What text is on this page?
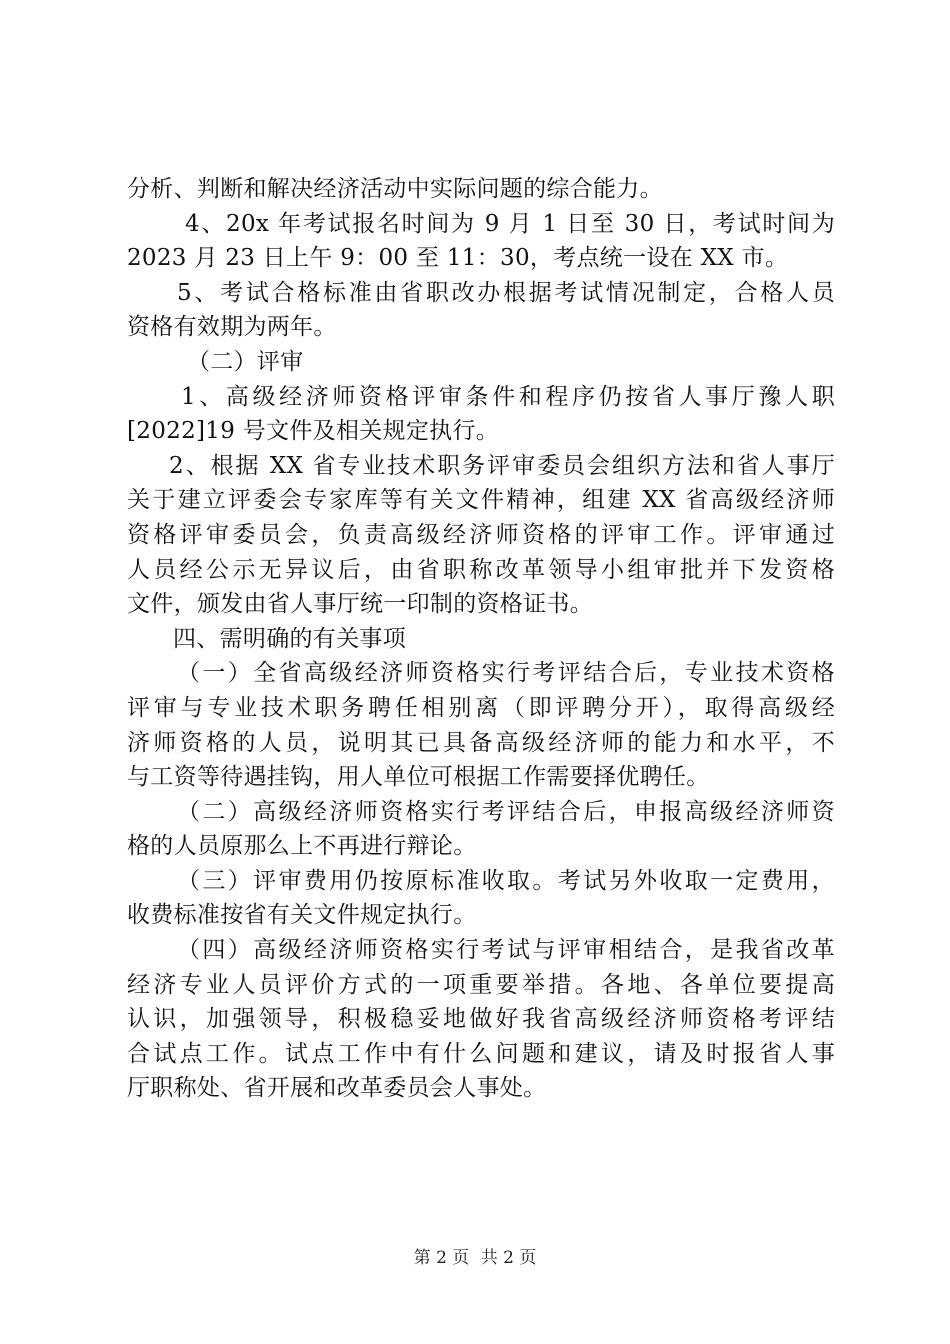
分析、判断和解决经济活动中实际问题的综合能力。
4、20x 年考试报名时间为 9 月 1 日至 30 日，考试时间为
2023 月 23 日上午 9：00 至 11：30，考点统一设在 XX 市。
5、考试合格标准由省职改办根据考试情况制定，合格人员
资格有效期为两年。
（二）评审
1、高级经济师资格评审条件和程序仍按省人事厅豫人职
[2022]19 号文件及相关规定执行。
2、根据 XX 省专业技术职务评审委员会组织方法和省人事厅
关于建立评委会专家库等有关文件精神，组建 XX 省高级经济师
资格评审委员会，负责高级经济师资格的评审工作。评审通过
人员经公示无异议后，由省职称改革领导小组审批并下发资格
文件，颁发由省人事厅统一印制的资格证书。
四、需明确的有关事项
（一）全省高级经济师资格实行考评结合后，专业技术资格
评审与专业技术职务聘任相别离（即评聘分开），取得高级经
济师资格的人员，说明其已具备高级经济师的能力和水平，不
与工资等待遇挂钩，用人单位可根据工作需要择优聘任。
（二）高级经济师资格实行考评结合后，申报高级经济师资
格的人员原那么上不再进行辩论。
（三）评审费用仍按原标准收取。考试另外收取一定费用，
收费标准按省有关文件规定执行。
（四）高级经济师资格实行考试与评审相结合，是我省改革
经济专业人员评价方式的一项重要举措。各地、各单位要提高
认识，加强领导，积极稳妥地做好我省高级经济师资格考评结
合试点工作。试点工作中有什么问题和建议，请及时报省人事
厅职称处、省开展和改革委员会人事处。
第 2 页 共 2 页
